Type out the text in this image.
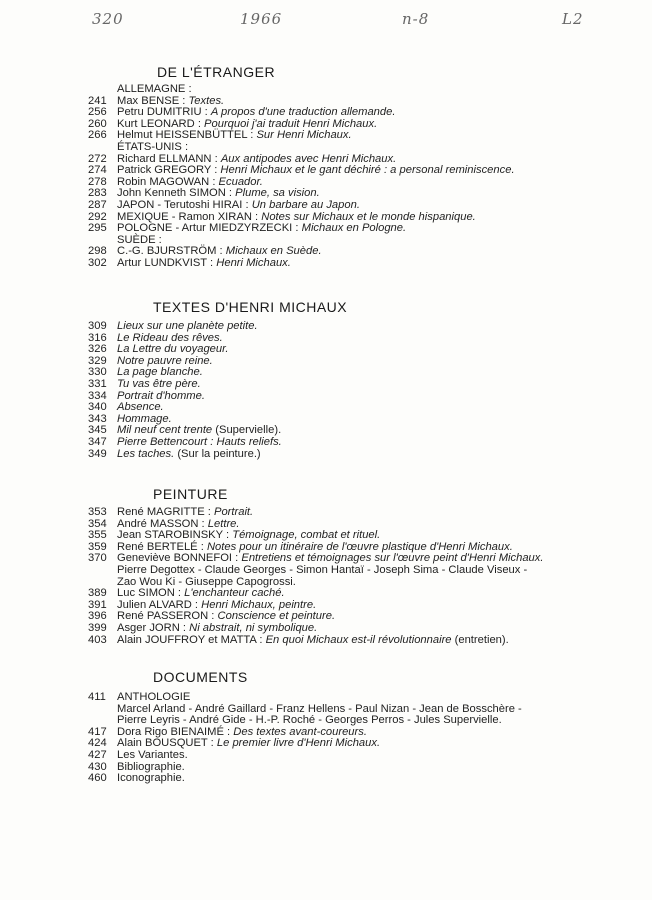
320	1966	n-8	L2
DE L'ÉTRANGER
ALLEMAGNE :
241 Max BENSE : Textes.
256 Petru DUMITRIU : A propos d'une traduction allemande.
260 Kurt LEONARD : Pourquoi j'ai traduit Henri Michaux.
266 Helmut HEISSENBÜTTEL : Sur Henri Michaux.
ÉTATS-UNIS :
272 Richard ELLMANN : Aux antipodes avec Henri Michaux.
274 Patrick GREGORY : Henri Michaux et le gant déchiré : a personal reminiscence.
278 Robin MAGOWAN : Ecuador.
283 John Kenneth SIMON : Plume, sa vision.
287 JAPON - Terutoshi HIRAI : Un barbare au Japon.
292 MEXIQUE - Ramon XIRAN : Notes sur Michaux et le monde hispanique.
295 POLOGNE - Artur MIEDZYRZECKI : Michaux en Pologne.
SUÈDE :
298 C.-G. BJURSTRÖM : Michaux en Suède.
302 Artur LUNDKVIST : Henri Michaux.
TEXTES D'HENRI MICHAUX
309 Lieux sur une planète petite.
316 Le Rideau des rêves.
326 La Lettre du voyageur.
329 Notre pauvre reine.
330 La page blanche.
331 Tu vas être père.
334 Portrait d'homme.
340 Absence.
343 Hommage.
345 Mil neuf cent trente (Supervielle).
347 Pierre Bettencourt : Hauts reliefs.
349 Les taches. (Sur la peinture.)
PEINTURE
353 René MAGRITTE : Portrait.
354 André MASSON : Lettre.
355 Jean STAROBINSKY : Témoignage, combat et rituel.
359 René BERTELÉ : Notes pour un itinéraire de l'œuvre plastique d'Henri Michaux.
370 Geneviève BONNEFOI : Entretiens et témoignages sur l'œuvre peint d'Henri Michaux.
Pierre Degottex - Claude Georges - Simon Hantaï - Joseph Sima - Claude Viseux -
Zao Wou Ki - Giuseppe Capogrossi.
389 Luc SIMON : L'enchanteur caché.
391 Julien ALVARD : Henri Michaux, peintre.
396 René PASSERON : Conscience et peinture.
399 Asger JORN : Ni abstrait, ni symbolique.
403 Alain JOUFFROY et MATTA : En quoi Michaux est-il révolutionnaire (entretien).
DOCUMENTS
411 ANTHOLOGIE
Marcel Arland - André Gaillard - Franz Hellens - Paul Nizan - Jean de Bosschère -
Pierre Leyris - André Gide - H.-P. Roché - Georges Perros - Jules Supervielle.
417 Dora Rigo BIENAIMÉ : Des textes avant-coureurs.
424 Alain BOUSQUET : Le premier livre d'Henri Michaux.
427 Les Variantes.
430 Bibliographie.
460 Iconographie.
